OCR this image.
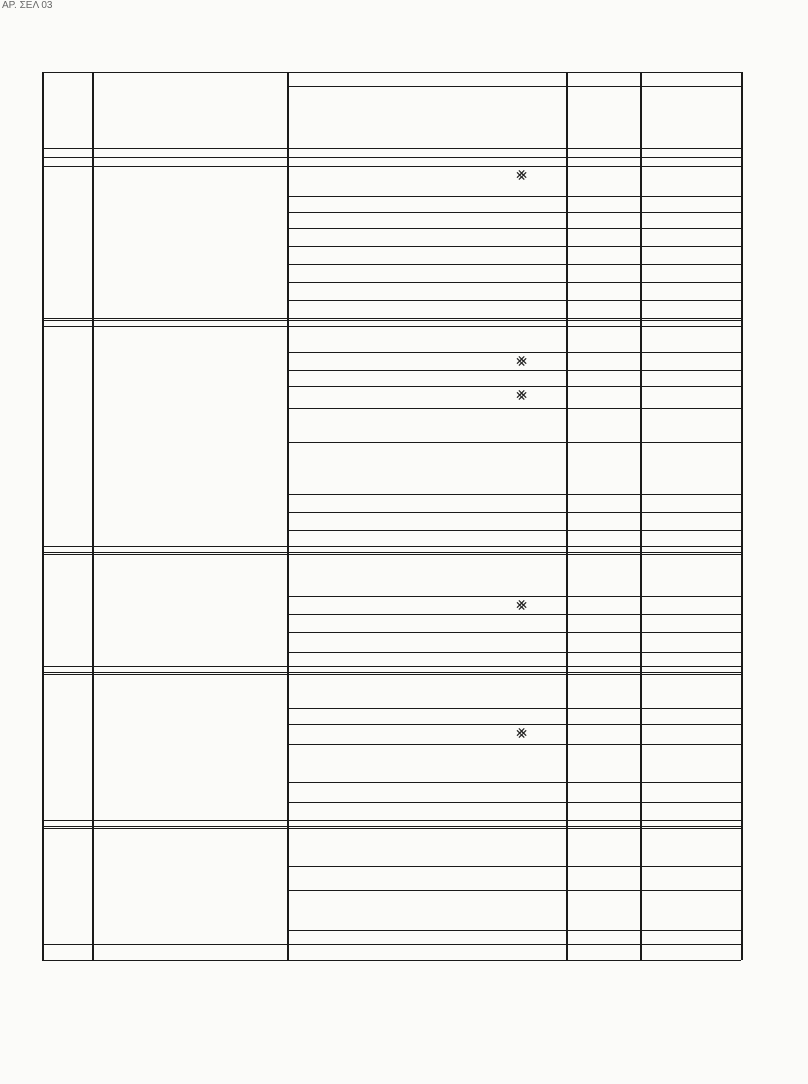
ΑΡ. ΣΕΛ 03
⨳
⨳
⨳
⨳
⨳
